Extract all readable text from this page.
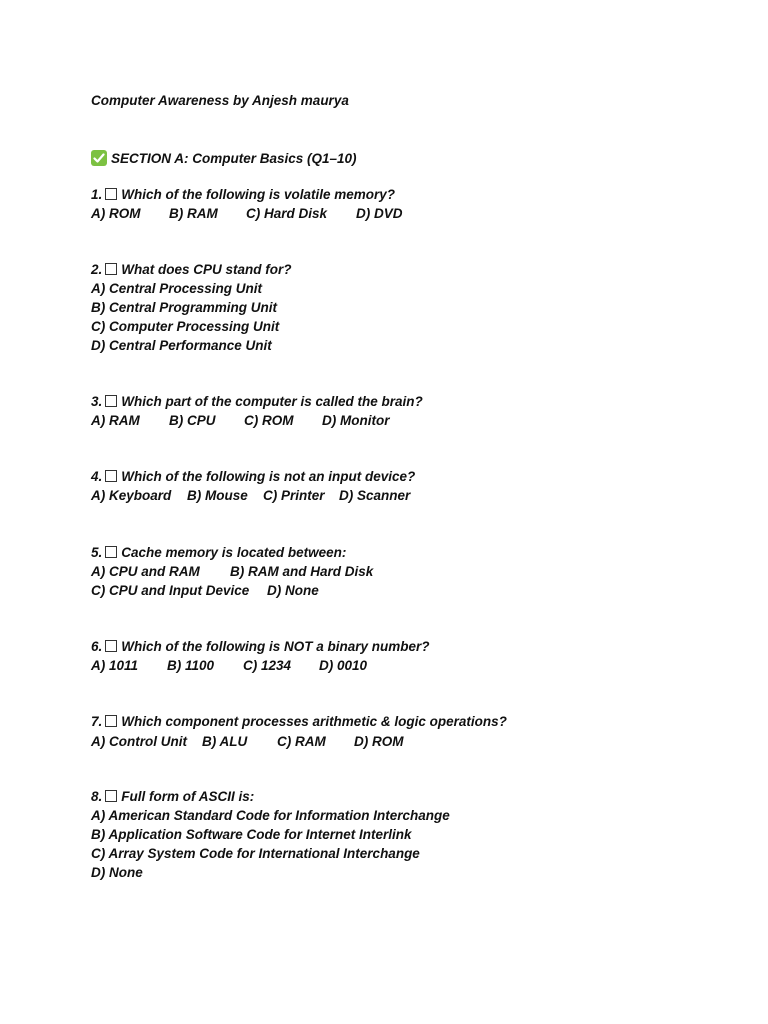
Computer Awareness by Anjesh maurya
SECTION A: Computer Basics (Q1–10)
1. Which of the following is volatile memory?
A) ROM B) RAM C) Hard Disk D) DVD
2. What does CPU stand for?
A) Central Processing Unit
B) Central Programming Unit
C) Computer Processing Unit
D) Central Performance Unit
3. Which part of the computer is called the brain?
A) RAM B) CPU C) ROM D) Monitor
4. Which of the following is not an input device?
A) Keyboard B) Mouse C) Printer D) Scanner
5. Cache memory is located between:
A) CPU and RAM B) RAM and Hard Disk
C) CPU and Input Device D) None
6. Which of the following is NOT a binary number?
A) 1011 B) 1100 C) 1234 D) 0010
7. Which component processes arithmetic & logic operations?
A) Control Unit B) ALU C) RAM D) ROM
8. Full form of ASCII is:
A) American Standard Code for Information Interchange
B) Application Software Code for Internet Interlink
C) Array System Code for International Interchange
D) None
